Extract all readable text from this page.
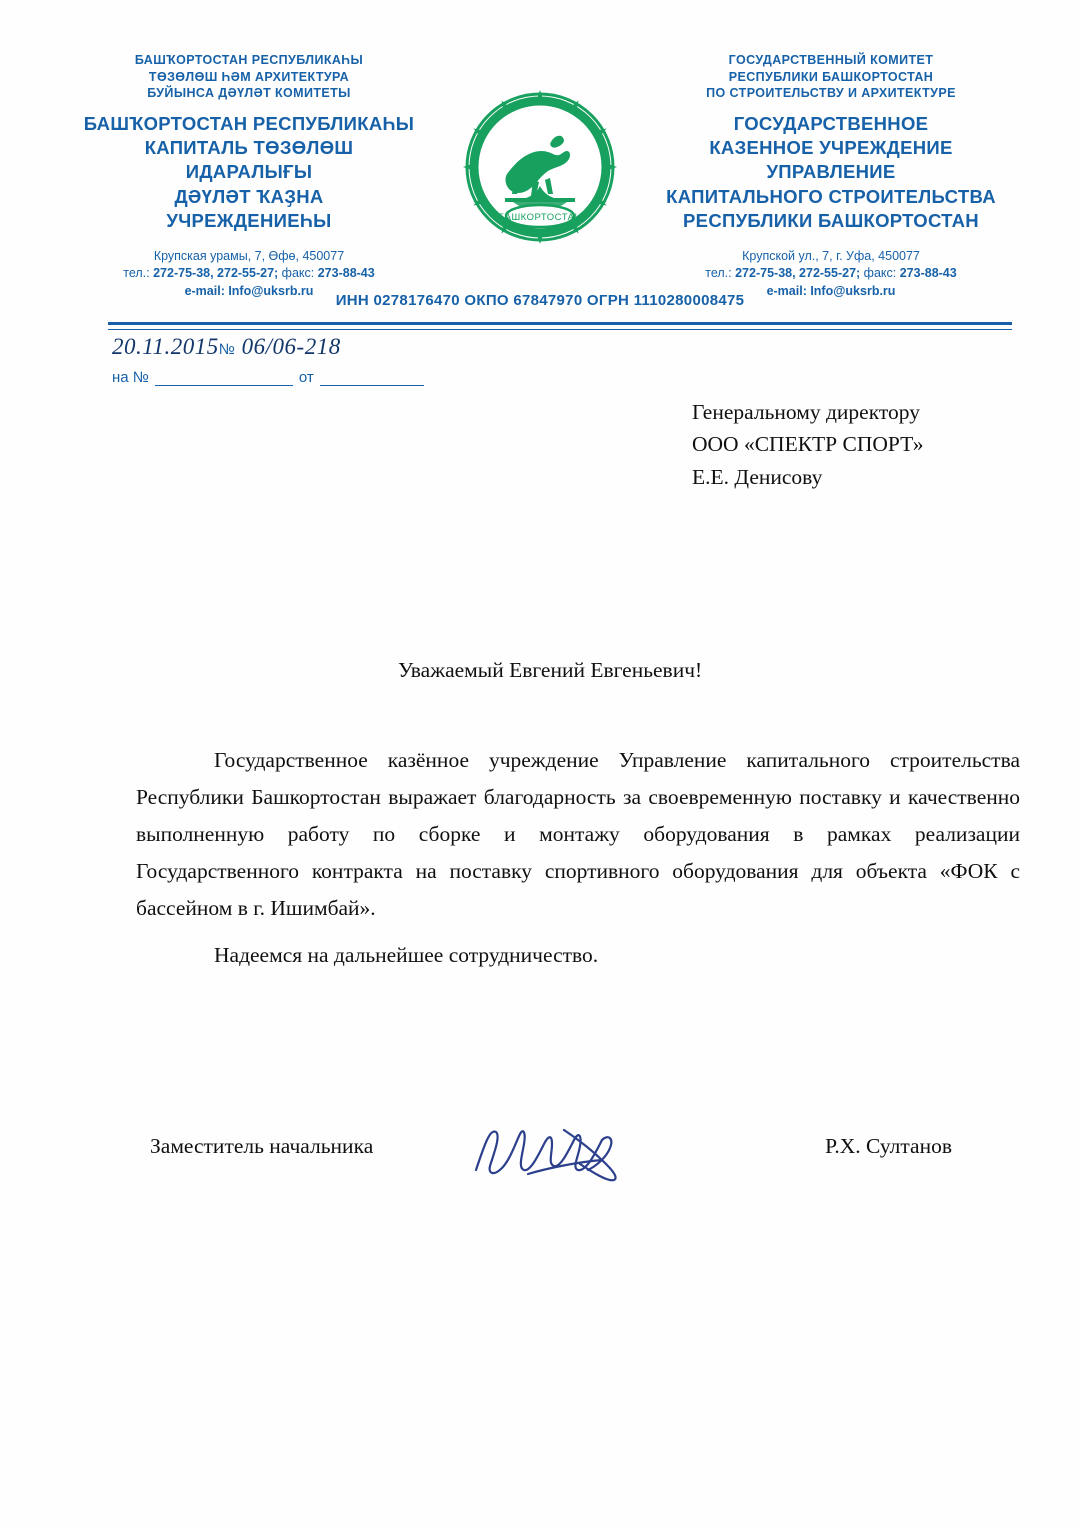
БАШҠОРТОСТАН РЕСПУБЛИКАҺЫ
ТӨЗӨЛӨШ ҺӘМ АРХИТЕКТУРА
БУЙЫНСА ДӘҮЛӘТ КОМИТЕТЫ
БАШҠОРТОСТАН РЕСПУБЛИКАҺЫ
КАПИТАЛЬ ТӨЗӨЛӨШ
ИДАРАЛЫҒЫ
ДӘҮЛӘТ ҠАҘНА
УЧРЕЖДЕНИЕҺЫ
Крупская урамы, 7, Өфө, 450077
тел.: 272-75-38, 272-55-27; факс: 273-88-43
e-mail: Info@uksrb.ru
БАШКОРТОСТАН
ГОСУДАРСТВЕННЫЙ КОМИТЕТ
РЕСПУБЛИКИ БАШКОРТОСТАН
ПО СТРОИТЕЛЬСТВУ И АРХИТЕКТУРЕ
ГОСУДАРСТВЕННОЕ
КАЗЕННОЕ УЧРЕЖДЕНИЕ
УПРАВЛЕНИЕ
КАПИТАЛЬНОГО СТРОИТЕЛЬСТВА
РЕСПУБЛИКИ БАШКОРТОСТАН
Крупской ул., 7, г. Уфа, 450077
тел.: 272-75-38, 272-55-27; факс: 273-88-43
e-mail: Info@uksrb.ru
ИНН 0278176470 ОКПО 67847970 ОГРН 1110280008475
20.11.2015№ 06/06-218
на №	от
Генеральному директору
ООО «СПЕКТР СПОРТ»
Е.Е. Денисову
Уважаемый Евгений Евгеньевич!

Государственное казённое учреждение Управление капитального строительства Республики Башкортостан выражает благодарность за своевременную поставку и качественно выполненную работу по сборке и монтажу оборудования в рамках реализации Государственного контракта на поставку спортивного оборудования для объекта «ФОК с бассейном в г. Ишимбай».

Надеемся на дальнейшее сотрудничество.

Заместитель начальника	Р.Х. Султанов
